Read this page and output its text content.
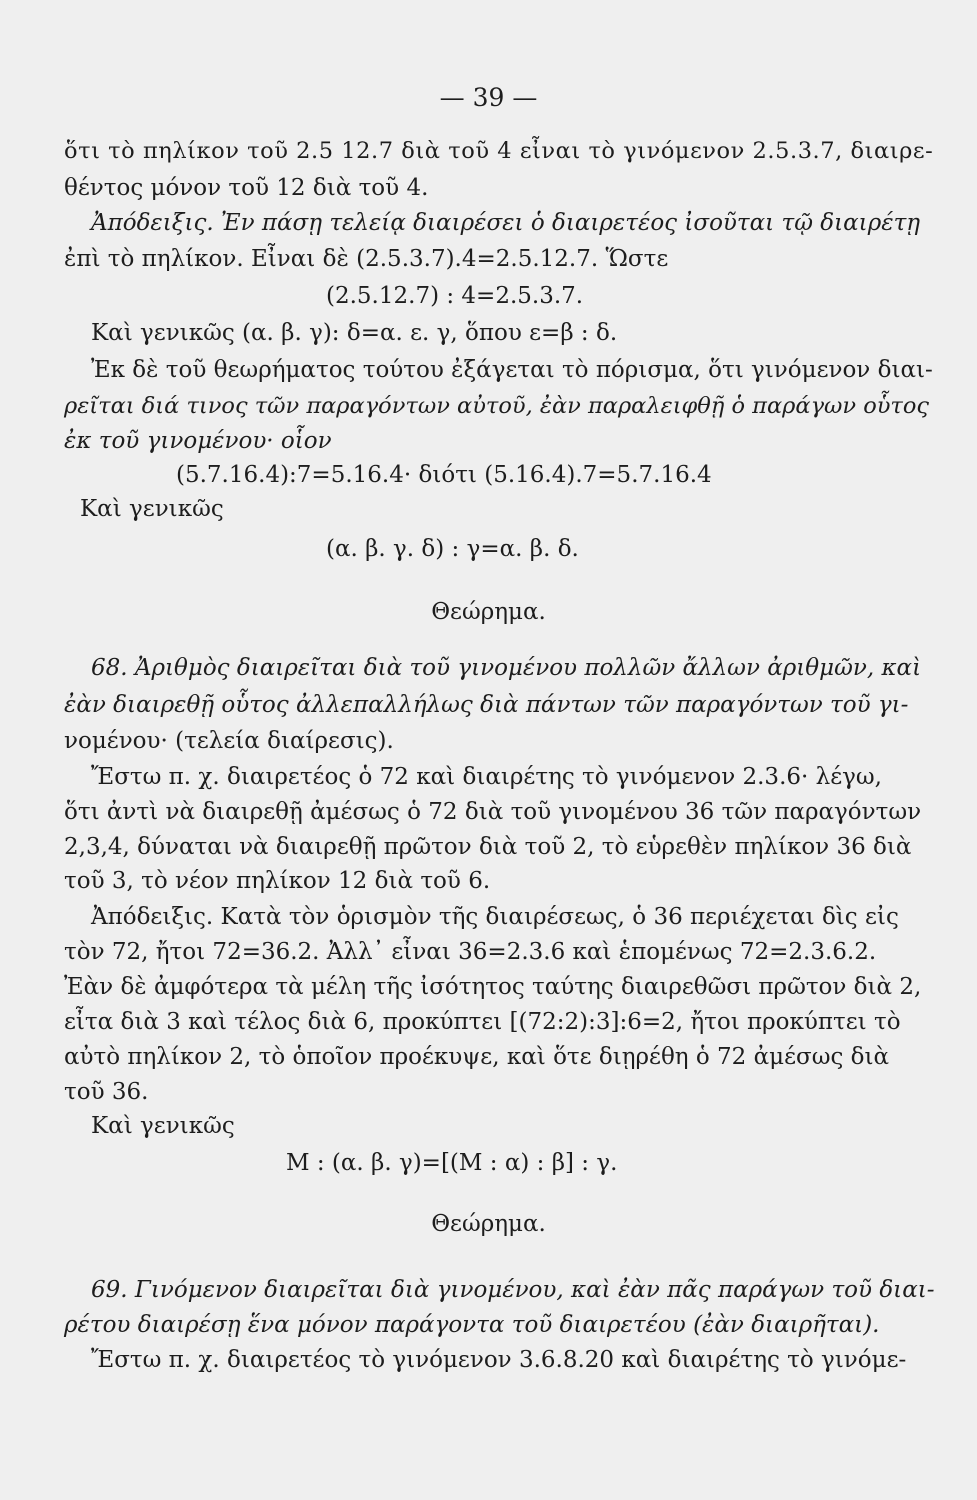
— 39 —
ὅτι τὸ πηλίκον τοῦ 2.5 12.7 διὰ τοῦ 4 εἶναι τὸ γινόμενον 2.5.3.7, διαιρε-
θέντος μόνον τοῦ 12 διὰ τοῦ 4.
Ἀπόδειξις. Ἐν πάσῃ τελείᾳ διαιρέσει ὁ διαιρετέος ἰσοῦται τῷ διαιρέτῃ
ἐπὶ τὸ πηλίκον. Εἶναι δὲ (2.5.3.7).4=2.5.12.7. Ὥστε
(2.5.12.7) : 4=2.5.3.7.
Καὶ γενικῶς (α. β. γ): δ=α. ε. γ, ὅπου ε=β : δ.
Ἐκ δὲ τοῦ θεωρήματος τούτου ἐξάγεται τὸ πόρισμα, ὅτι γινόμενον διαι-
ρεῖται διά τινος τῶν παραγόντων αὐτοῦ, ἐὰν παραλειφθῇ ὁ παράγων οὗτος
ἐκ τοῦ γινομένου· οἷον
(5.7.16.4):7=5.16.4· διότι (5.16.4).7=5.7.16.4
Καὶ γενικῶς
(α. β. γ. δ) : γ=α. β. δ.
Θεώρημα.
68. Ἀριθμὸς διαιρεῖται διὰ τοῦ γινομένου πολλῶν ἄλλων ἀριθμῶν, καὶ
ἐὰν διαιρεθῇ οὗτος ἀλλεπαλλήλως διὰ πάντων τῶν παραγόντων τοῦ γι-
νομένου· (τελεία διαίρεσις).
Ἔστω π. χ. διαιρετέος ὁ 72 καὶ διαιρέτης τὸ γινόμενον 2.3.6· λέγω,
ὅτι ἀντὶ νὰ διαιρεθῇ ἀμέσως ὁ 72 διὰ τοῦ γινομένου 36 τῶν παραγόντων
2,3,4, δύναται νὰ διαιρεθῇ πρῶτον διὰ τοῦ 2, τὸ εὑρεθὲν πηλίκον 36 διὰ
τοῦ 3, τὸ νέον πηλίκον 12 διὰ τοῦ 6.
Ἀπόδειξις. Κατὰ τὸν ὁρισμὸν τῆς διαιρέσεως, ὁ 36 περιέχεται δὶς εἰς
τὸν 72, ἤτοι 72=36.2. Ἀλλ᾽ εἶναι 36=2.3.6 καὶ ἑπομένως 72=2.3.6.2.
Ἐὰν δὲ ἀμφότερα τὰ μέλη τῆς ἰσότητος ταύτης διαιρεθῶσι πρῶτον διὰ 2,
εἶτα διὰ 3 καὶ τέλος διὰ 6, προκύπτει [(72:2):3]:6=2, ἤτοι προκύπτει τὸ
αὐτὸ πηλίκον 2, τὸ ὁποῖον προέκυψε, καὶ ὅτε διῃρέθη ὁ 72 ἀμέσως διὰ
τοῦ 36.
Καὶ γενικῶς
M : (α. β. γ)=[(M : α) : β] : γ.
Θεώρημα.
69. Γινόμενον διαιρεῖται διὰ γινομένου, καὶ ἐὰν πᾶς παράγων τοῦ διαι-
ρέτου διαιρέσῃ ἕνα μόνον παράγοντα τοῦ διαιρετέου (ἐὰν διαιρῆται).
Ἔστω π. χ. διαιρετέος τὸ γινόμενον 3.6.8.20 καὶ διαιρέτης τὸ γινόμε-
